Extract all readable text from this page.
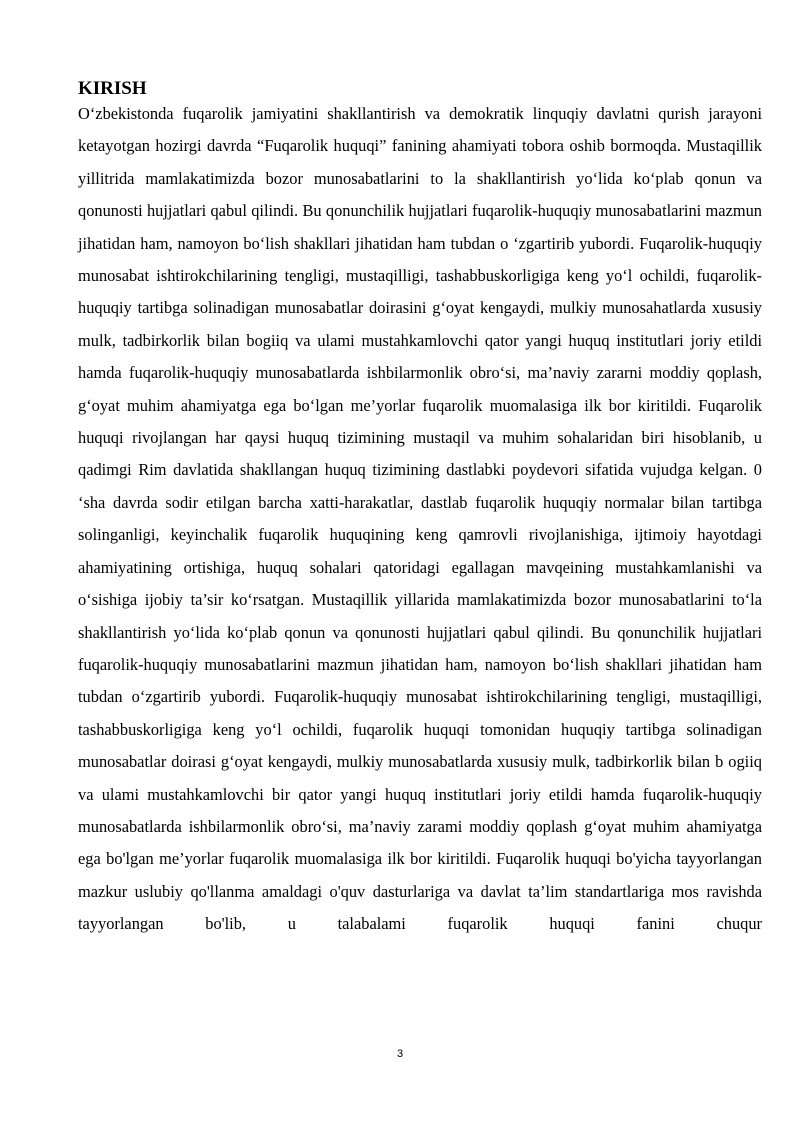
KIRISH

O‘zbekistonda fuqarolik jamiyatini shakllantirish va demokratik linquqiy davlatni qurish jarayoni ketayotgan hozirgi davrda “Fuqarolik huquqi” fanining ahamiyati tobora oshib bormoqda. Mustaqillik yillitrida mamlakatimizda bozor munosabatlarini to la shakllantirish yo‘lida ko‘plab qonun va qonunosti hujjatlari qabul qilindi. Bu qonunchilik hujjatlari fuqarolik-huquqiy munosabatlarini mazmun jihatidan ham, namoyon bo‘lish shakllari jihatidan ham tubdan o ‘zgartirib yubordi. Fuqarolik-huquqiy munosabat ishtirokchilarining tengligi, mustaqilligi, tashabbuskorligiga keng yo‘l ochildi, fuqarolik-huquqiy tartibga solinadigan munosabatlar doirasini g‘oyat kengaydi, mulkiy munosahatlarda xususiy mulk, tadbirkorlik bilan bogiiq va ulami mustahkamlovchi qator yangi huquq institutlari joriy etildi hamda fuqarolik-huquqiy munosabatlarda ishbilarmonlik obro‘si, ma’naviy zararni moddiy qoplash, g‘oyat muhim ahamiyatga ega bo‘lgan me’yorlar fuqarolik muomalasiga ilk bor kiritildi. Fuqarolik huquqi rivojlangan har qaysi huquq tizimining mustaqil va muhim sohalaridan biri hisoblanib, u qadimgi Rim davlatida shakllangan huquq tizimining dastlabki poydevori sifatida vujudga kelgan. 0 ‘sha davrda sodir etilgan barcha xatti-harakatlar, dastlab fuqarolik huquqiy normalar bilan tartibga solinganligi, keyinchalik fuqarolik huquqining keng qamrovli rivojlanishiga, ijtimoiy hayotdagi ahamiyatining ortishiga, huquq sohalari qatoridagi egallagan mavqeining mustahkamlanishi va o‘sishiga ijobiy ta’sir ko‘rsatgan. Mustaqillik yillarida mamlakatimizda bozor munosabatlarini to‘la shakllantirish yo‘lida ko‘plab qonun va qonunosti hujjatlari qabul qilindi. Bu qonunchilik hujjatlari fuqarolik-huquqiy munosabatlarini mazmun jihatidan ham, namoyon bo‘lish shakllari jihatidan ham tubdan o‘zgartirib yubordi. Fuqarolik-huquqiy munosabat ishtirokchilarining tengligi, mustaqilligi, tashabbuskorligiga keng yo‘l ochildi, fuqarolik huquqi tomonidan huquqiy tartibga solinadigan munosabatlar doirasi g‘oyat kengaydi, mulkiy munosabatlarda xususiy mulk, tadbirkorlik bilan b ogiiq va ulami mustahkamlovchi bir qator yangi huquq institutlari joriy etildi hamda fuqarolik-huquqiy munosabatlarda ishbilarmonlik obro‘si, ma’naviy zarami moddiy qoplash g‘oyat muhim ahamiyatga ega bo'lgan me’yorlar fuqarolik muomalasiga ilk bor kiritildi. Fuqarolik huquqi bo'yicha tayyorlangan mazkur uslubiy qo'llanma amaldagi o'quv dasturlariga va davlat ta’lim standartlariga mos ravishda tayyorlangan bo'lib, u talabalami fuqarolik huquqi fanini chuqur

3
